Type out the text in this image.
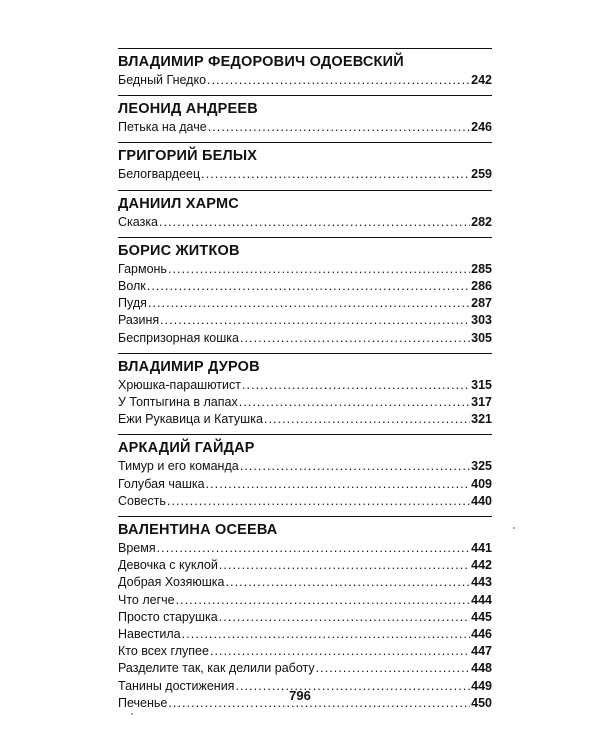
ВЛАДИМИР ФЕДОРОВИЧ ОДОЕВСКИЙ
Бедный Гнедко . . .	242
ЛЕОНИД АНДРЕЕВ
Петька на даче . . .	246
ГРИГОРИЙ БЕЛЫХ
Белогвардеец . . .	259
ДАНИИЛ ХАРМС
Сказка . . .	282
БОРИС ЖИТКОВ
Гармонь . . .	285
Волк . . .	286
Пудя . . .	287
Разиня . . .	303
Беспризорная кошка . . .	305
ВЛАДИМИР ДУРОВ
Хрюшка-парашютист . . .	315
У Топтыгина в лапах . . .	317
Ежи Рукавица и Катушка . . .	321
АРКАДИЙ ГАЙДАР
Тимур и его команда . . .	325
Голубая чашка . . .	409
Совесть . . .	440
ВАЛЕНТИНА ОСЕЕВА
Время . . .	441
Девочка с куклой . . .	442
Добрая Хозяюшка . . .	443
Что легче . . .	444
Просто старушка . . .	445
Навестила . . .	446
Кто всех глупее . . .	447
Разделите так, как делили работу . . .	448
Танины достижения . . .	449
Печенье . . .	450
796
